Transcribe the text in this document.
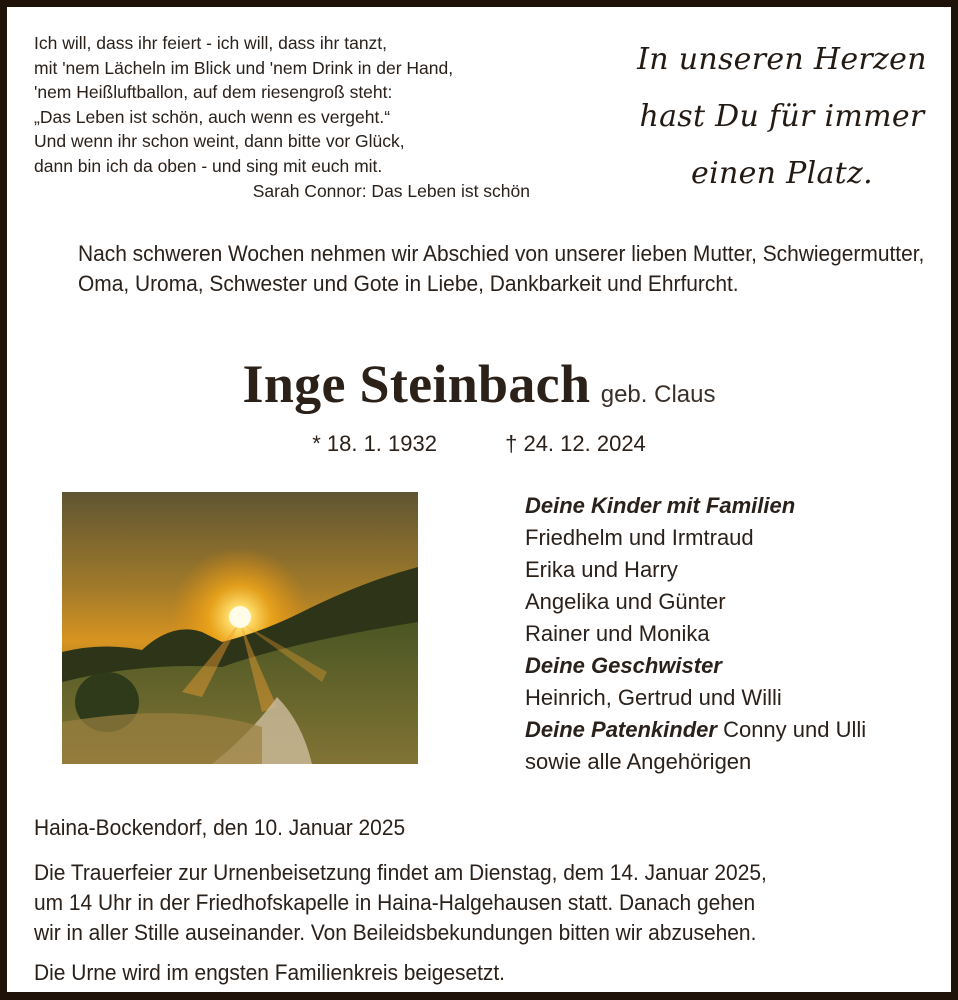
Ich will, dass ihr feiert - ich will, dass ihr tanzt,
mit 'nem Lächeln im Blick und 'nem Drink in der Hand,
'nem Heißluftballon, auf dem riesengroß steht:
„Das Leben ist schön, auch wenn es vergeht.“
Und wenn ihr schon weint, dann bitte vor Glück,
dann bin ich da oben - und sing mit euch mit.
Sarah Connor: Das Leben ist schön
In unseren Herzen
hast Du für immer
einen Platz.
Nach schweren Wochen nehmen wir Abschied von unserer lieben Mutter, Schwiegermutter, Oma, Uroma, Schwester und Gote in Liebe, Dankbarkeit und Ehrfurcht.
Inge Steinbach geb. Claus
* 18. 1. 1932	† 24. 12. 2024
Deine Kinder mit Familien
Friedhelm und Irmtraud
Erika und Harry
Angelika und Günter
Rainer und Monika
Deine Geschwister
Heinrich, Gertrud und Willi
Deine Patenkinder Conny und Ulli
sowie alle Angehörigen
Haina-Bockendorf, den 10. Januar 2025
Die Trauerfeier zur Urnenbeisetzung findet am Dienstag, dem 14. Januar 2025,
um 14 Uhr in der Friedhofskapelle in Haina-Halgehausen statt. Danach gehen
wir in aller Stille auseinander. Von Beileidsbekundungen bitten wir abzusehen.
Die Urne wird im engsten Familienkreis beigesetzt.
